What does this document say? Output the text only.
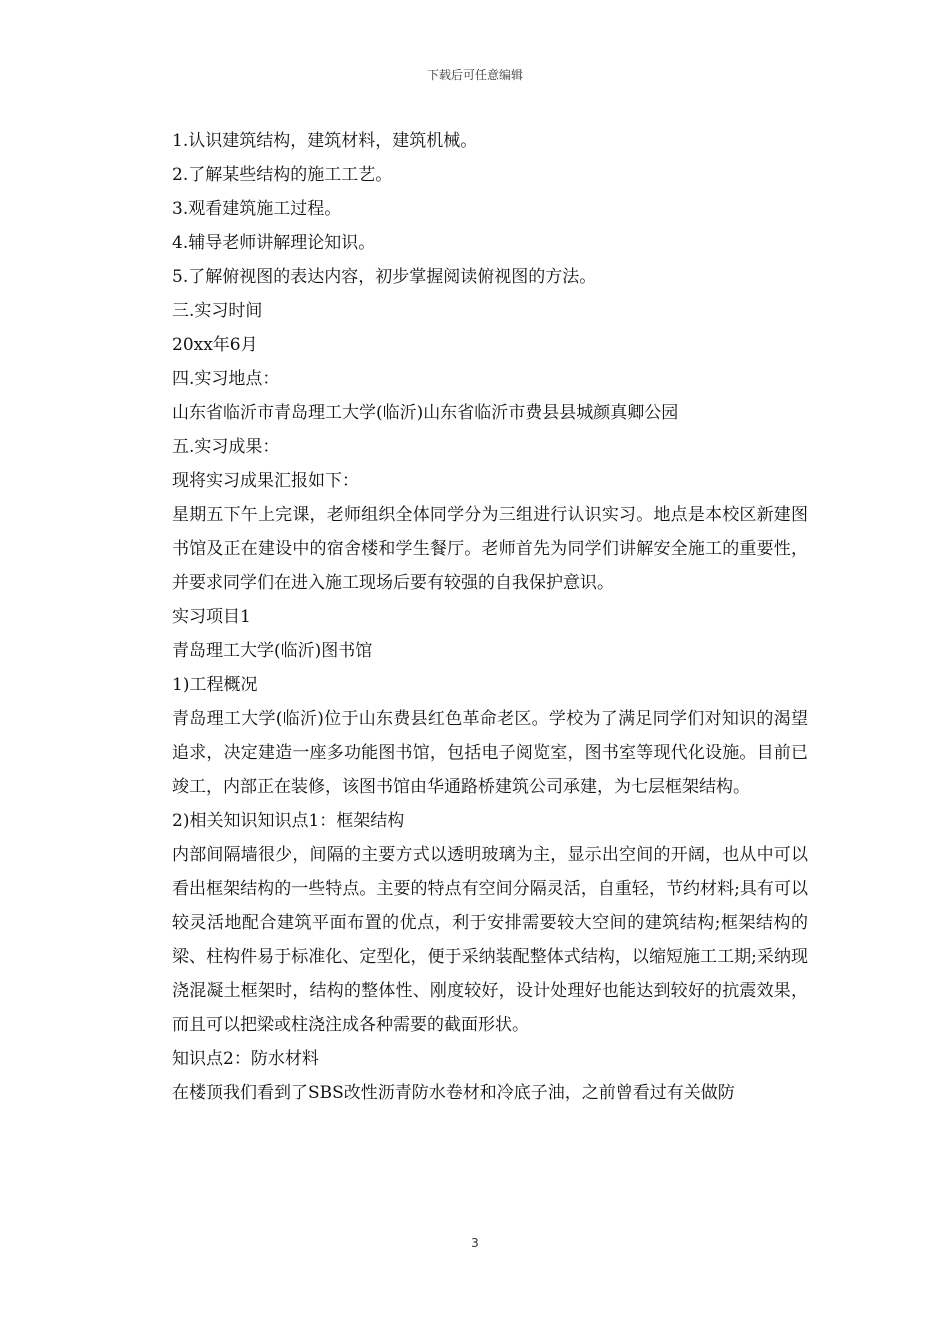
下载后可任意编辑
1.认识建筑结构，建筑材料，建筑机械。
2.了解某些结构的施工工艺。
3.观看建筑施工过程。
4.辅导老师讲解理论知识。
5.了解俯视图的表达内容，初步掌握阅读俯视图的方法。
三.实习时间
20xx年6月
四.实习地点：
山东省临沂市青岛理工大学(临沂)山东省临沂市费县县城颜真卿公园
五.实习成果：
现将实习成果汇报如下：
星期五下午上完课，老师组织全体同学分为三组进行认识实习。地点是本校区新建图书馆及正在建设中的宿舍楼和学生餐厅。老师首先为同学们讲解安全施工的重要性，并要求同学们在进入施工现场后要有较强的自我保护意识。
实习项目1
青岛理工大学(临沂)图书馆
1)工程概况
青岛理工大学(临沂)位于山东费县红色革命老区。学校为了满足同学们对知识的渴望追求，决定建造一座多功能图书馆，包括电子阅览室，图书室等现代化设施。目前已竣工，内部正在装修，该图书馆由华通路桥建筑公司承建，为七层框架结构。
2)相关知识知识点1：框架结构
内部间隔墙很少，间隔的主要方式以透明玻璃为主，显示出空间的开阔，也从中可以看出框架结构的一些特点。主要的特点有空间分隔灵活，自重轻，节约材料;具有可以较灵活地配合建筑平面布置的优点，利于安排需要较大空间的建筑结构;框架结构的梁、柱构件易于标准化、定型化，便于采纳装配整体式结构，以缩短施工工期;采纳现浇混凝土框架时，结构的整体性、刚度较好，设计处理好也能达到较好的抗震效果，而且可以把梁或柱浇注成各种需要的截面形状。
知识点2：防水材料
在楼顶我们看到了SBS改性沥青防水卷材和冷底子油，之前曾看过有关做防
3
